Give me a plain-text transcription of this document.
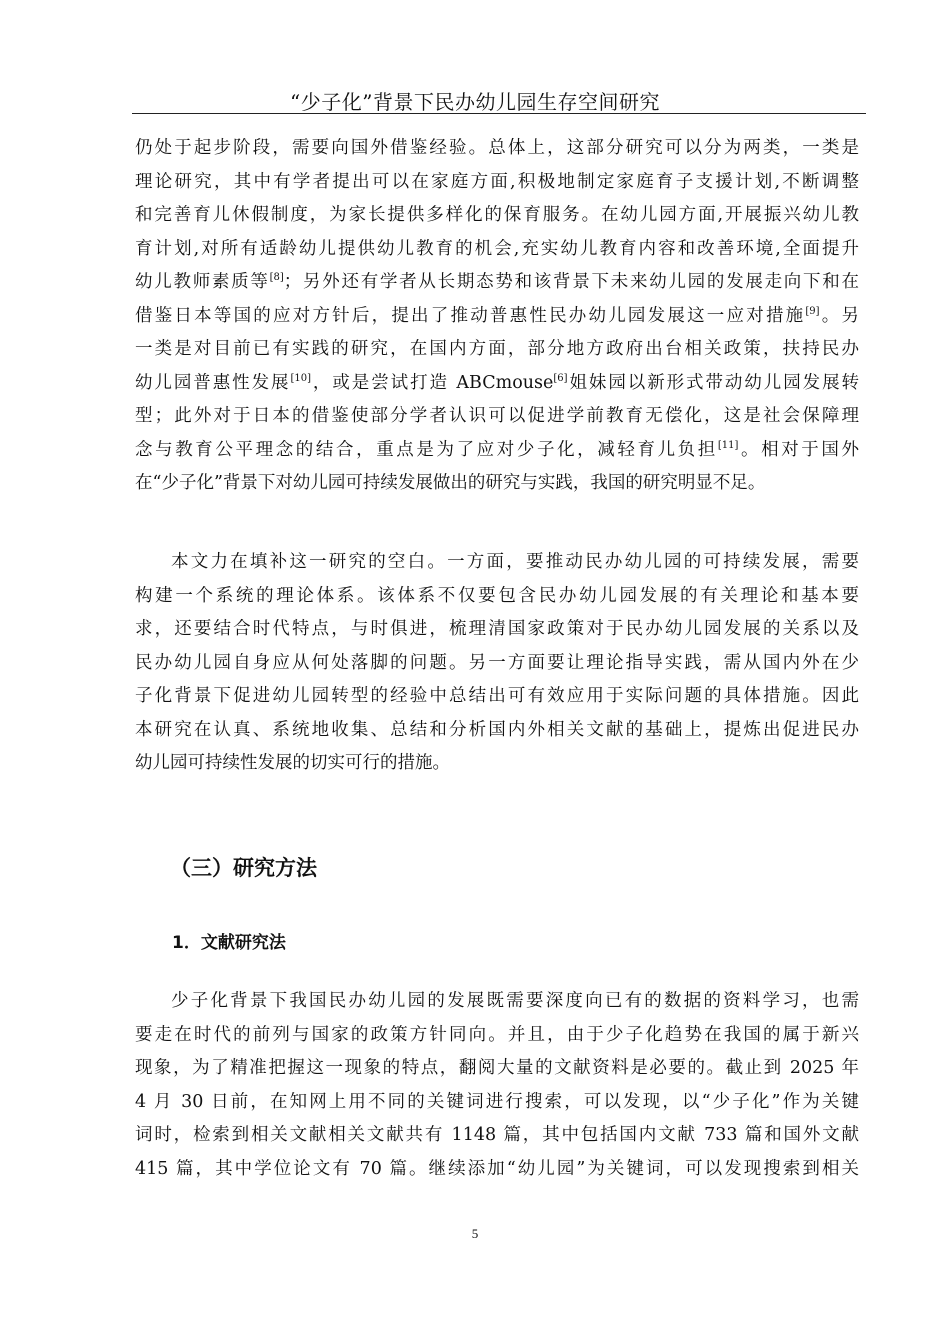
“少子化”背景下民办幼儿园生存空间研究
仍处于起步阶段，需要向国外借鉴经验。总体上，这部分研究可以分为两类，一类是
理论研究，其中有学者提出可以在家庭方面,积极地制定家庭育子支援计划,不断调整
和完善育儿休假制度，为家长提供多样化的保育服务。在幼儿园方面,开展振兴幼儿教
育计划,对所有适龄幼儿提供幼儿教育的机会,充实幼儿教育内容和改善环境,全面提升
幼儿教师素质等[8]；另外还有学者从长期态势和该背景下未来幼儿园的发展走向下和在
借鉴日本等国的应对方针后，提出了推动普惠性民办幼儿园发展这一应对措施[9]。另
一类是对目前已有实践的研究，在国内方面，部分地方政府出台相关政策，扶持民办
幼儿园普惠性发展[10]，或是尝试打造 ABCmouse[6]姐妹园以新形式带动幼儿园发展转
型；此外对于日本的借鉴使部分学者认识可以促进学前教育无偿化，这是社会保障理
念与教育公平理念的结合，重点是为了应对少子化，减轻育儿负担[11]。相对于国外
在“少子化”背景下对幼儿园可持续发展做出的研究与实践，我国的研究明显不足。
本文力在填补这一研究的空白。一方面，要推动民办幼儿园的可持续发展，需要
构建一个系统的理论体系。该体系不仅要包含民办幼儿园发展的有关理论和基本要
求，还要结合时代特点，与时俱进，梳理清国家政策对于民办幼儿园发展的关系以及
民办幼儿园自身应从何处落脚的问题。另一方面要让理论指导实践，需从国内外在少
子化背景下促进幼儿园转型的经验中总结出可有效应用于实际问题的具体措施。因此
本研究在认真、系统地收集、总结和分析国内外相关文献的基础上，提炼出促进民办
幼儿园可持续性发展的切实可行的措施。
（三）研究方法
1．文献研究法
少子化背景下我国民办幼儿园的发展既需要深度向已有的数据的资料学习，也需
要走在时代的前列与国家的政策方针同向。并且，由于少子化趋势在我国的属于新兴
现象，为了精准把握这一现象的特点，翻阅大量的文献资料是必要的。截止到 2025 年
4 月 30 日前，在知网上用不同的关键词进行搜索，可以发现，以“少子化”作为关键
词时，检索到相关文献相关文献共有 1148 篇，其中包括国内文献 733 篇和国外文献
415 篇，其中学位论文有 70 篇。继续添加“幼儿园”为关键词，可以发现搜索到相关
5
